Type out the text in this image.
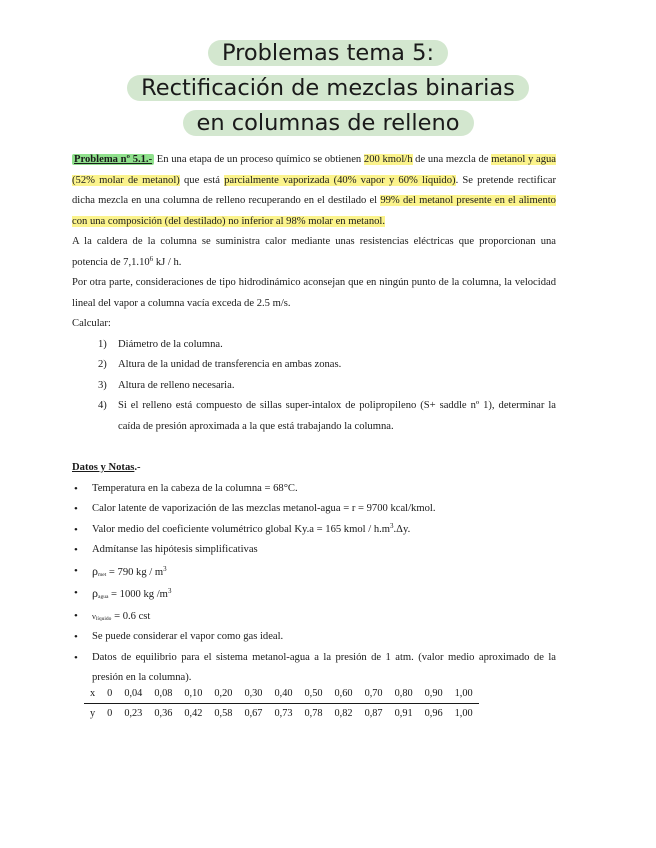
Problemas tema 5:
Rectificación de mezclas binarias
en columnas de relleno

Problema nº 5.1.- En una etapa de un proceso químico se obtienen 200 kmol/h de una mezcla de metanol y agua (52% molar de metanol) que está parcialmente vaporizada (40% vapor y 60% líquido). Se pretende rectificar dicha mezcla en una columna de relleno recuperando en el destilado el 99% del metanol presente en el alimento con una composición (del destilado) no inferior al 98% molar en metanol.

A la caldera de la columna se suministra calor mediante unas resistencias eléctricas que proporcionan una potencia de 7,1.10$^6$ kJ / h.

Por otra parte, consideraciones de tipo hidrodinámico aconsejan que en ningún punto de la columna, la velocidad lineal del vapor a columna vacía exceda de 2.5 m/s.

Calcular:

1) Diámetro de la columna.
2) Altura de la unidad de transferencia en ambas zonas.
3) Altura de relleno necesaria.
4) Si el relleno está compuesto de sillas super-intalox de polipropileno (S+ saddle nº 1), determinar la caída de presión aproximada a la que está trabajando la columna.

Datos y Notas.-

• Temperatura en la cabeza de la columna = 68°C.
• Calor latente de vaporización de las mezclas metanol-agua = r = 9700 kcal/kmol.
• Valor medio del coeficiente volumétrico global Ky.a = 165 kmol / $h.m^3.\Delta y$.
• Admítanse las hipótesis simplificativas
• $\rho_{met} = 790$ kg / $m^3$
• $\rho_{agua} = 1000$ kg $/m^3$
• $\nu_{líquido} = 0.6$ cst
• Se puede considerar el vapor como gas ideal.
• Datos de equilibrio para el sistema metanol-agua a la presión de 1 atm. (valor medio aproximado de la presión en la columna).
x	0	0,04	0,08	0,10	0,20	0,30	0,40	0,50	0,60	0,70	0,80	0,90	1,00
y	0	0,23	0,36	0,42	0,58	0,67	0,73	0,78	0,82	0,87	0,91	0,96	1,00
